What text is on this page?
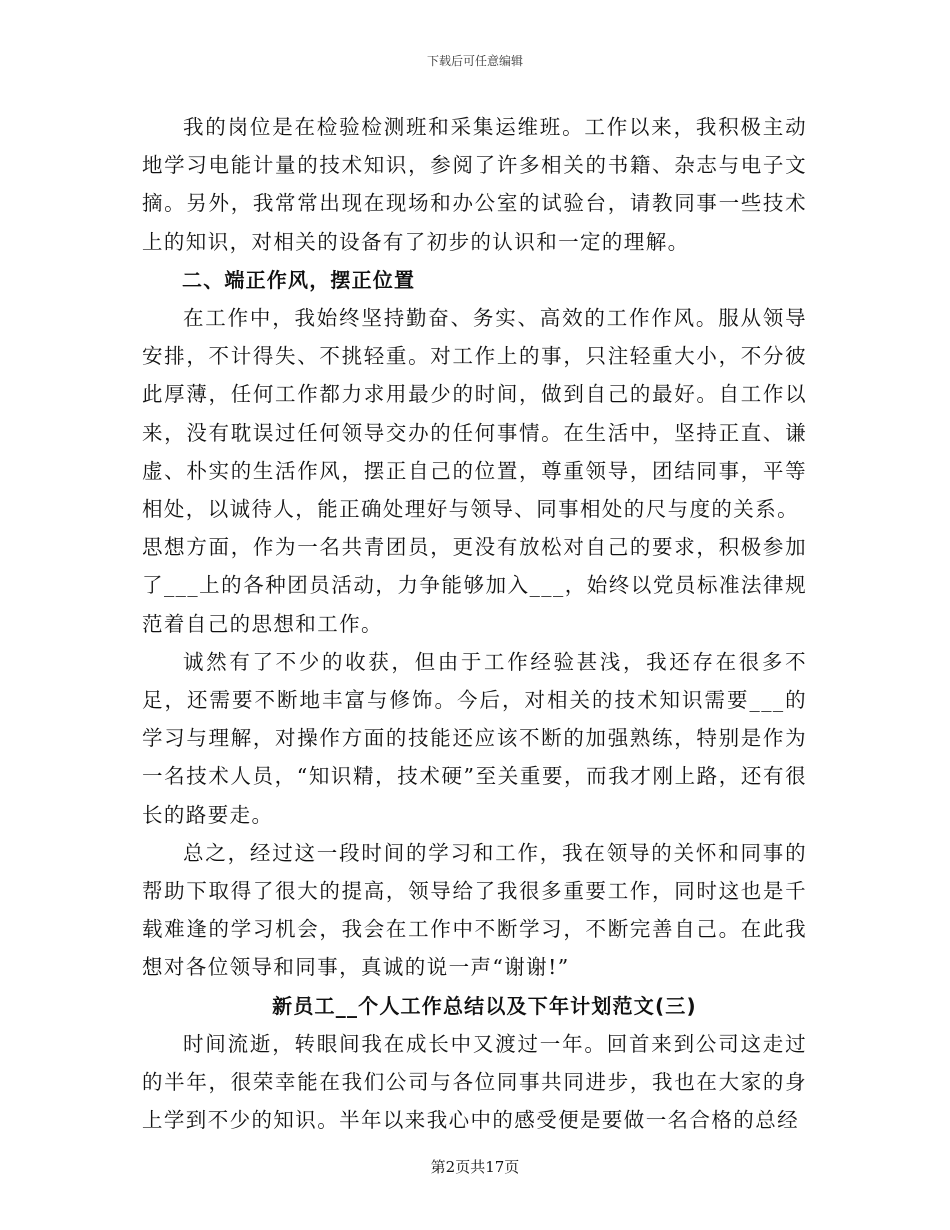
下载后可任意编辑

我的岗位是在检验检测班和采集运维班。工作以来，我积极主动地学习电能计量的技术知识，参阅了许多相关的书籍、杂志与电子文摘。另外，我常常出现在现场和办公室的试验台，请教同事一些技术上的知识，对相关的设备有了初步的认识和一定的理解。

二、端正作风，摆正位置

在工作中，我始终坚持勤奋、务实、高效的工作作风。服从领导安排，不计得失、不挑轻重。对工作上的事，只注轻重大小，不分彼此厚薄，任何工作都力求用最少的时间，做到自己的最好。自工作以来，没有耽误过任何领导交办的任何事情。在生活中，坚持正直、谦虚、朴实的生活作风，摆正自己的位置，尊重领导，团结同事，平等相处，以诚待人，能正确处理好与领导、同事相处的尺与度的关系。

思想方面，作为一名共青团员，更没有放松对自己的要求，积极参加了___上的各种团员活动，力争能够加入___，始终以党员标准法律规范着自己的思想和工作。

诚然有了不少的收获，但由于工作经验甚浅，我还存在很多不足，还需要不断地丰富与修饰。今后，对相关的技术知识需要___的学习与理解，对操作方面的技能还应该不断的加强熟练，特别是作为一名技术人员，“知识精，技术硬”至关重要，而我才刚上路，还有很长的路要走。

总之，经过这一段时间的学习和工作，我在领导的关怀和同事的帮助下取得了很大的提高，领导给了我很多重要工作，同时这也是千载难逢的学习机会，我会在工作中不断学习，不断完善自己。在此我想对各位领导和同事，真诚的说一声“谢谢!”

新员工__个人工作总结以及下年计划范文(三)

时间流逝，转眼间我在成长中又渡过一年。回首来到公司这走过的半年，很荣幸能在我们公司与各位同事共同进步，我也在大家的身上学到不少的知识。半年以来我心中的感受便是要做一名合格的总经

第2页共17页
